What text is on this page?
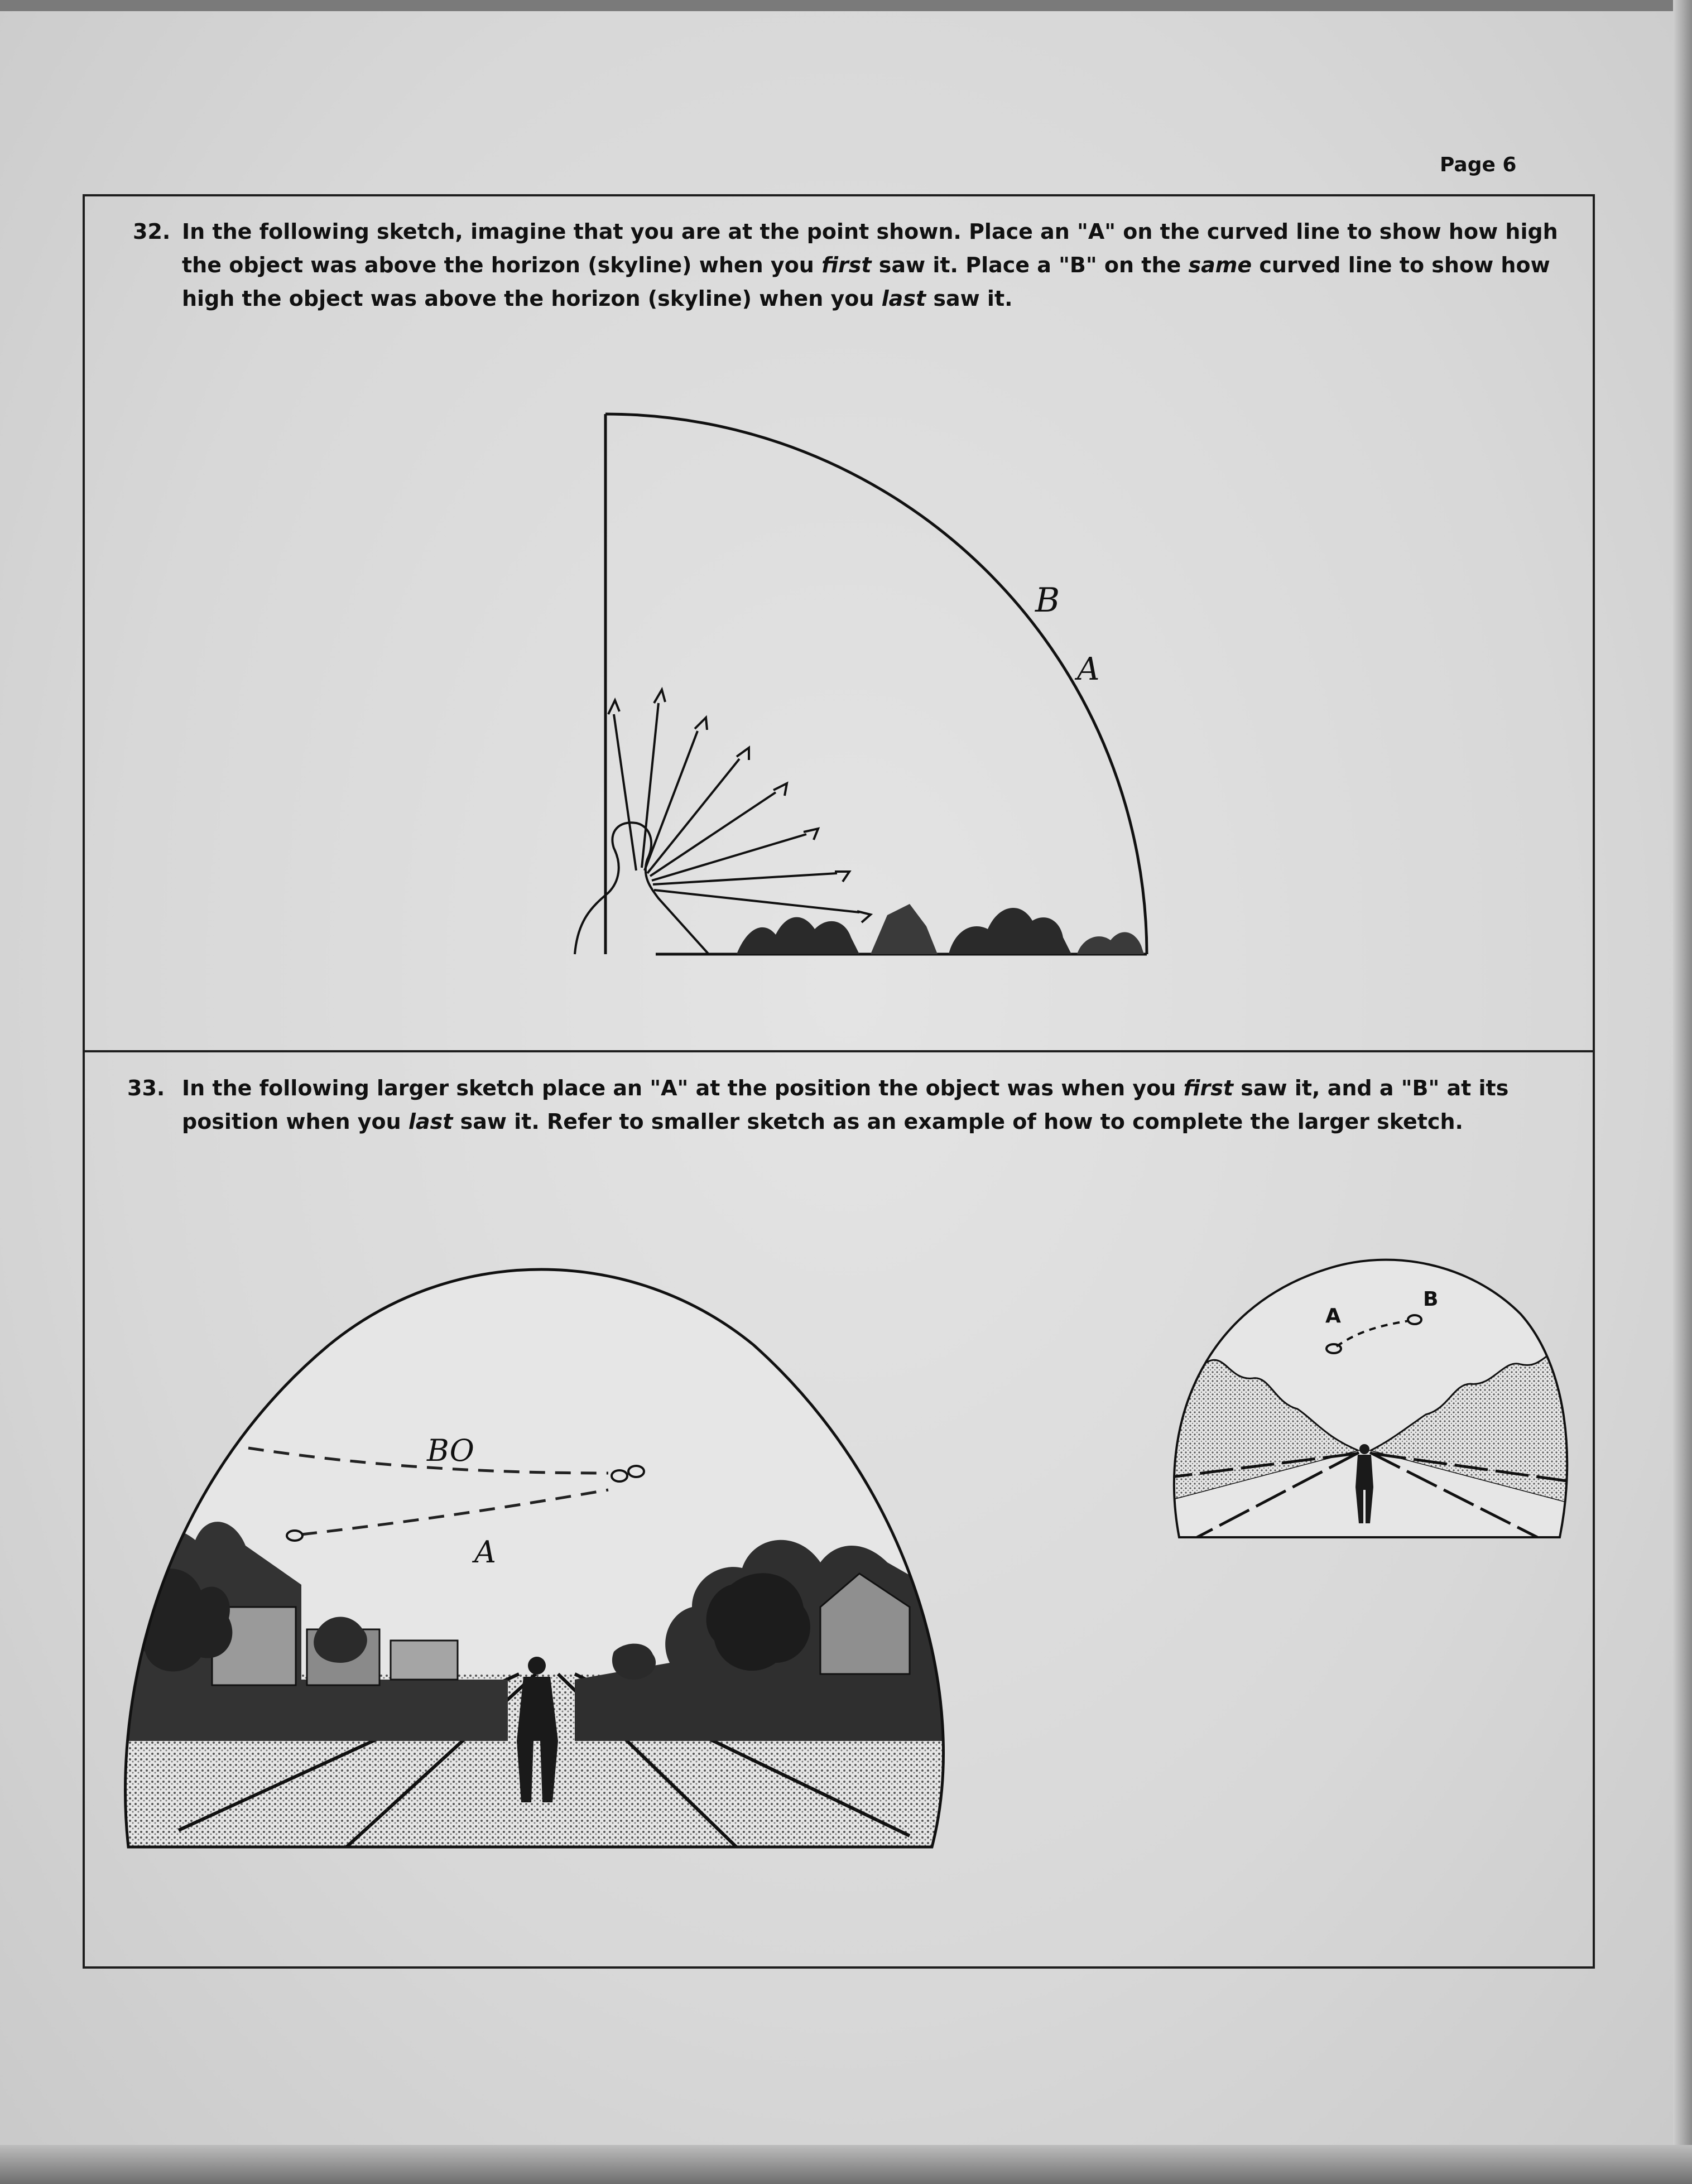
Page 6
32. In the following sketch, imagine that you are at the point shown. Place an "A" on the curved line to show how high the object was above the horizon (skyline) when you first saw it. Place a "B" on the same curved line to show how high the object was above the horizon (skyline) when you last saw it.
B
A
33. In the following larger sketch place an "A" at the position the object was when you first saw it, and a "B" at its position when you last saw it. Refer to smaller sketch as an example of how to complete the larger sketch.
BO
A
A
B
